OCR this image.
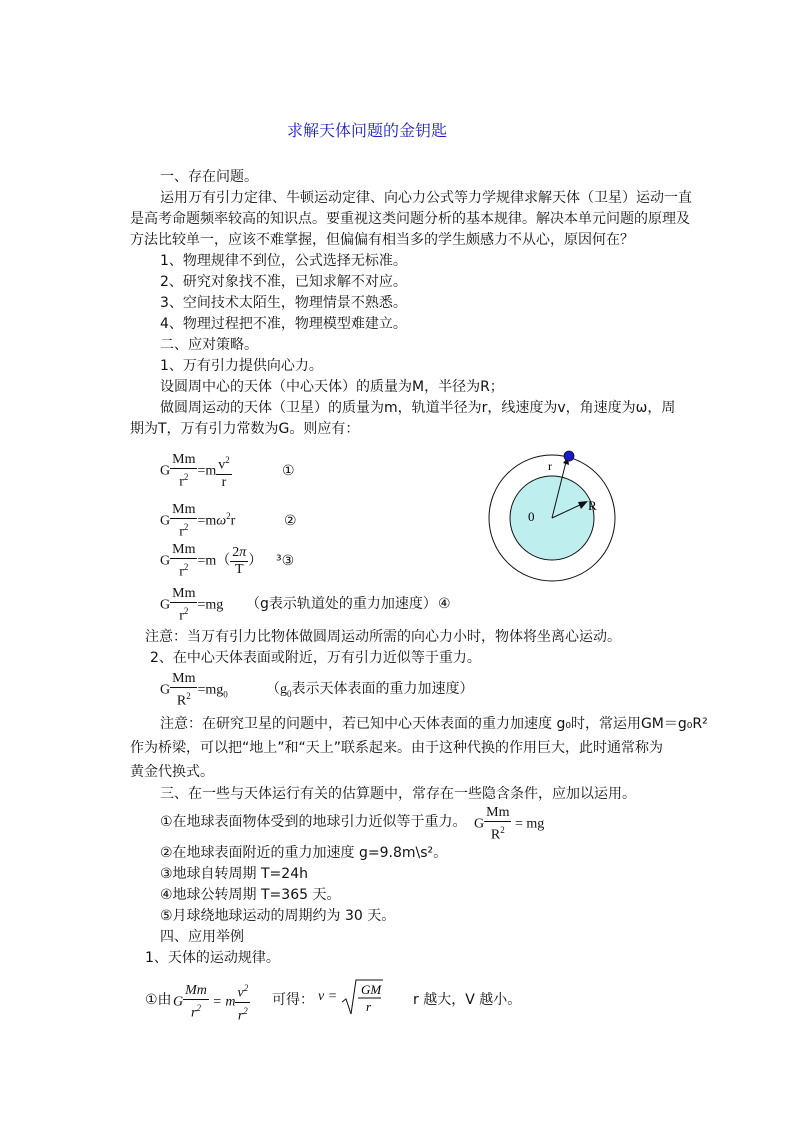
求解天体问题的金钥匙
一、存在问题。
运用万有引力定律、牛顿运动定律、向心力公式等力学规律求解天体（卫星）运动一直
是高考命题频率较高的知识点。要重视这类问题分析的基本规律。解决本单元问题的原理及
方法比较单一，应该不难掌握，但偏偏有相当多的学生颇感力不从心，原因何在？
1、物理规律不到位，公式选择无标准。
2、研究对象找不准，已知求解不对应。
3、空间技术太陌生，物理情景不熟悉。
4、物理过程把不准，物理模型难建立。
二、应对策略。
1、万有引力提供向心力。
设圆周中心的天体（中心天体）的质量为M，半径为R；
做圆周运动的天体（卫星）的质量为m，轨道半径为r，线速度为v，角速度为ω，周
期为T，万有引力常数为G。则应有：
G $\frac{Mm}{r^2} =m \frac{v^2}{r}$	①
G $\frac{Mm}{r^2} =m\omega^2r$	②
G $\frac{Mm}{r^2} =m( \frac{2\pi}{T}$ ） ³③
G $\frac{Mm}{r^2} =mg$ （g表示轨道处的重力加速度） ④
r
R
0
注意：当万有引力比物体做圆周运动所需的向心力小时，物体将坐离心运动。
2、在中心天体表面或附近，万有引力近似等于重力。
G $\frac{Mm}{R^2} =mg_0$	（$g_0$表示天体表面的重力加速度）
注意：在研究卫星的问题中，若已知中心天体表面的重力加速度 g₀时，常运用GM＝g₀R²
作为桥梁，可以把“地上”和“天上”联系起来。由于这种代换的作用巨大，此时通常称为
黄金代换式。
三、在一些与天体运行有关的估算题中，常存在一些隐含条件，应加以运用。
①在地球表面物体受到的地球引力近似等于重力。 G $\frac{Mm}{R^2}$ = mg
②在地球表面附近的重力加速度 g=9.8m\s²。
③地球自转周期 T=24h
④地球公转周期 T=365 天。
⑤月球绕地球运动的周期约为 30 天。
四、应用举例
1、天体的运动规律。
①由 G $\frac{Mm}{r^2} = m \frac{v^2}{r^2}$ 可得： v = GM
r	r 越大，V 越小。
